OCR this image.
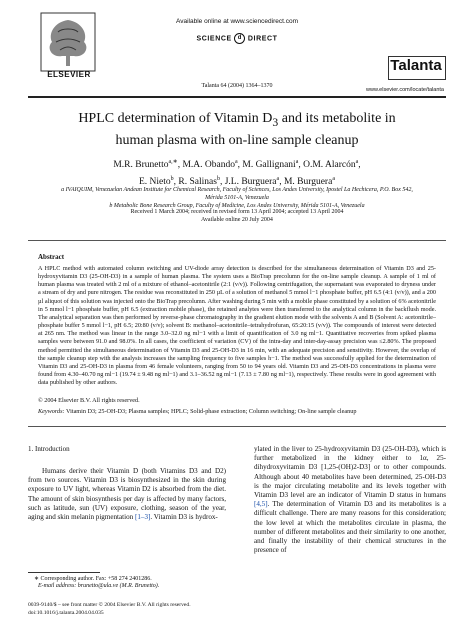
ELSEVIER
Available online at www.sciencedirect.com
SCIENCE d DIRECT
Talanta 64 (2004) 1364–1370
Talanta
www.elsevier.com/locate/talanta
HPLC determination of Vitamin $D_3$ and its metabolite in
human plasma with on-line sample cleanup
M.R. Brunetto$^{a,∗}$, M.A. Obando$^a$, M. Gallignani$^a$, O.M. Alarcón$^a$,
E. Nieto$^b$, R. Salinas$^b$, J.L. Burguera$^a$, M. Burguera$^a$
a IVAIQUIM, Venezuelan Andean Institute for Chemical Research, Faculty of Sciences, Los Andes University, Ipostel La Hechicera, P.O. Box 542, Mérida 5101-A, Venezuela
b Metabolic Bone Research Group, Faculty of Medicine, Los Andes University, Mérida 5101-A, Venezuela
Received 1 March 2004; received in revised form 13 April 2004; accepted 13 April 2004
Available online 20 July 2004
Abstract
A HPLC method with automated column switching and UV-diode array detection is described for the simultaneous determination of Vitamin D3 and 25-hydroxyvitamin D3 (25-OH-D3) in a sample of human plasma. The system uses a BioTrap precolumn for the on-line sample cleanup. A sample of 1 ml of human plasma was treated with 2 ml of a mixture of ethanol–acetonitrile (2:1 (v/v)). Following centrifugation, the supernatant was evaporated to dryness under a stream of dry and pure nitrogen. The residue was reconstituted in 250 µL of a solution of methanol 5 mmol l−1 phosphate buffer, pH 6.5 (4:1 (v/v)), and a 200 µl aliquot of this solution was injected onto the BioTrap precolumn. After washing during 5 min with a mobile phase constituted by a solution of 6% acetonitrile in 5 mmol l−1 phosphate buffer, pH 6.5 (extraction mobile phase), the retained analytes were then transferred to the analytical column in the backflush mode. The analytical separation was then performed by reverse-phase chromatography in the gradient elution mode with the solvents A and B (Solvent A: acetonitrile–phosphate buffer 5 mmol l−1, pH 6.5; 20:80 (v/v); solvent B: methanol–acetonitrile–tetrahydrofuran, 65:20:15 (v/v)). The compounds of interest were detected at 265 nm. The method was linear in the range 3.0–32.0 ng ml−1 with a limit of quantification of 3.0 ng ml−1. Quantitative recoveries from spiked plasma samples were between 91.0 and 98.0%. In all cases, the coefficient of variation (CV) of the intra-day and inter-day-assay precision was ≤2.80%. The proposed method permitted the simultaneous determination of Vitamin D3 and 25-OH-D3 in 16 min, with an adequate precision and sensitivity. However, the overlap of the sample cleanup step with the analysis increases the sampling frequency to five samples h−1. The method was successfully applied for the determination of Vitamin D3 and 25-OH-D3 in plasma from 46 female volunteers, ranging from 50 to 94 years old. Vitamin D3 and 25-OH-D3 concentrations in plasma were found from 4.30–40.70 ng ml−1 (19.74 ± 9.48 ng ml−1) and 3.1–36.52 ng ml−1 (7.13 ± 7.80 ng ml−1), respectively. These results were in good agreement with data published by other authors.
© 2004 Elsevier B.V. All rights reserved.
Keywords: Vitamin D3; 25-OH-D3; Plasma samples; HPLC; Solid-phase extraction; Column switching; On-line sample cleanup
1. Introduction
Humans derive their Vitamin D (both Vitamins D3 and D2) from two sources. Vitamin D3 is biosynthesized in the skin during exposure to UV light, whereas Vitamin D2 is absorbed from the diet. The amount of skin biosynthesis per day is affected by many factors, such as latitude, sun (UV) exposure, clothing, season of the year, aging and skin melanin pigmentation [1–3]. Vitamin D3 is hydrox-
ylated in the liver to 25-hydroxyvitamin D3 (25-OH-D3), which is further metabolized in the kidney either to 1α, 25-dihydroxyvitamin D3 [1,25-(OH)2-D3] or to other compounds. Although about 40 metabolites have been determined, 25-OH-D3 is the major circulating metabolite and its levels together with Vitamin D3 level are an indicator of Vitamin D status in humans [4,5]. The determination of Vitamin D3 and its metabolites is a difficult challenge. There are many reasons for this consideration; the low level at which the metabolites circulate in plasma, the number of different metabolites and their similarity to one another, and finally the instability of their chemical structures in the presence of
∗ Corresponding author. Fax: +58 274 2401286.
E-mail address: brunetto@ula.ve (M.R. Brunetto).
0039-9140/$ – see front matter © 2004 Elsevier B.V. All rights reserved.
doi:10.1016/j.talanta.2004.04.035
